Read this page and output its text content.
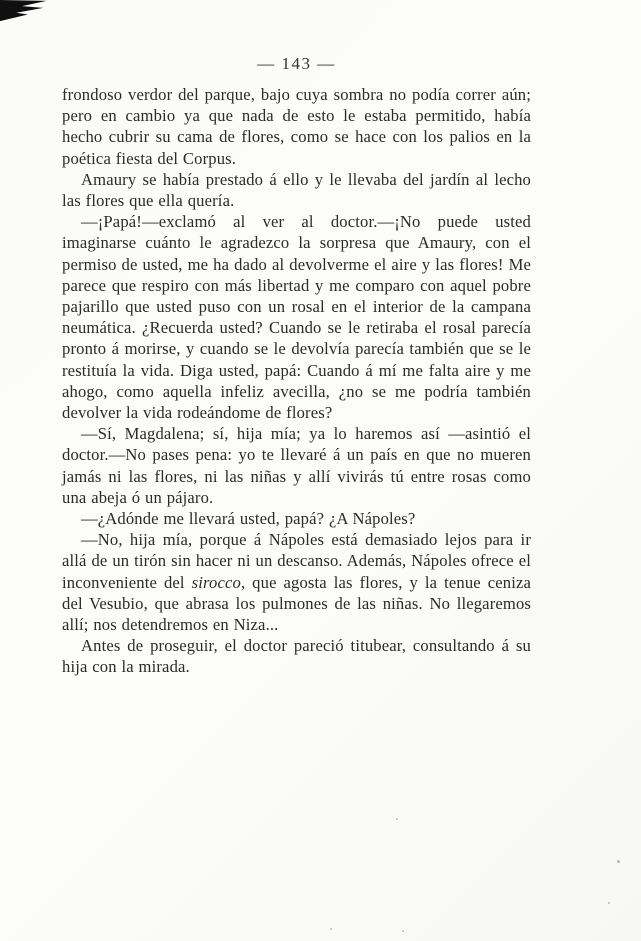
— 143 —

frondoso verdor del parque, bajo cuya sombra no podía correr aún; pero en cambio ya que nada de esto le estaba permitido, había hecho cubrir su cama de flores, como se hace con los palios en la poética fiesta del Corpus.

Amaury se había prestado á ello y le llevaba del jardín al lecho las flores que ella quería.

—¡Papá!—exclamó al ver al doctor.—¡No puede usted imaginarse cuánto le agradezco la sorpresa que Amaury, con el permiso de usted, me ha dado al devolverme el aire y las flores! Me parece que respiro con más libertad y me comparo con aquel pobre pajarillo que usted puso con un rosal en el interior de la campana neumática. ¿Recuerda usted? Cuando se le retiraba el rosal parecía pronto á morirse, y cuando se le devolvía parecía también que se le restituía la vida. Diga usted, papá: Cuando á mí me falta aire y me ahogo, como aquella infeliz avecilla, ¿no se me podría también devolver la vida rodeándome de flores?

—Sí, Magdalena; sí, hija mía; ya lo haremos así —asintió el doctor.—No pases pena: yo te llevaré á un país en que no mueren jamás ni las flores, ni las niñas y allí vivirás tú entre rosas como una abeja ó un pájaro.

—¿Adónde me llevará usted, papá? ¿A Nápoles?

—No, hija mía, porque á Nápoles está demasiado lejos para ir allá de un tirón sin hacer ni un descanso. Además, Nápoles ofrece el inconveniente del sirocco, que agosta las flores, y la tenue ceniza del Vesubio, que abrasa los pulmones de las niñas. No llegaremos allí; nos detendremos en Niza...

Antes de proseguir, el doctor pareció titubear, consultando á su hija con la mirada.
